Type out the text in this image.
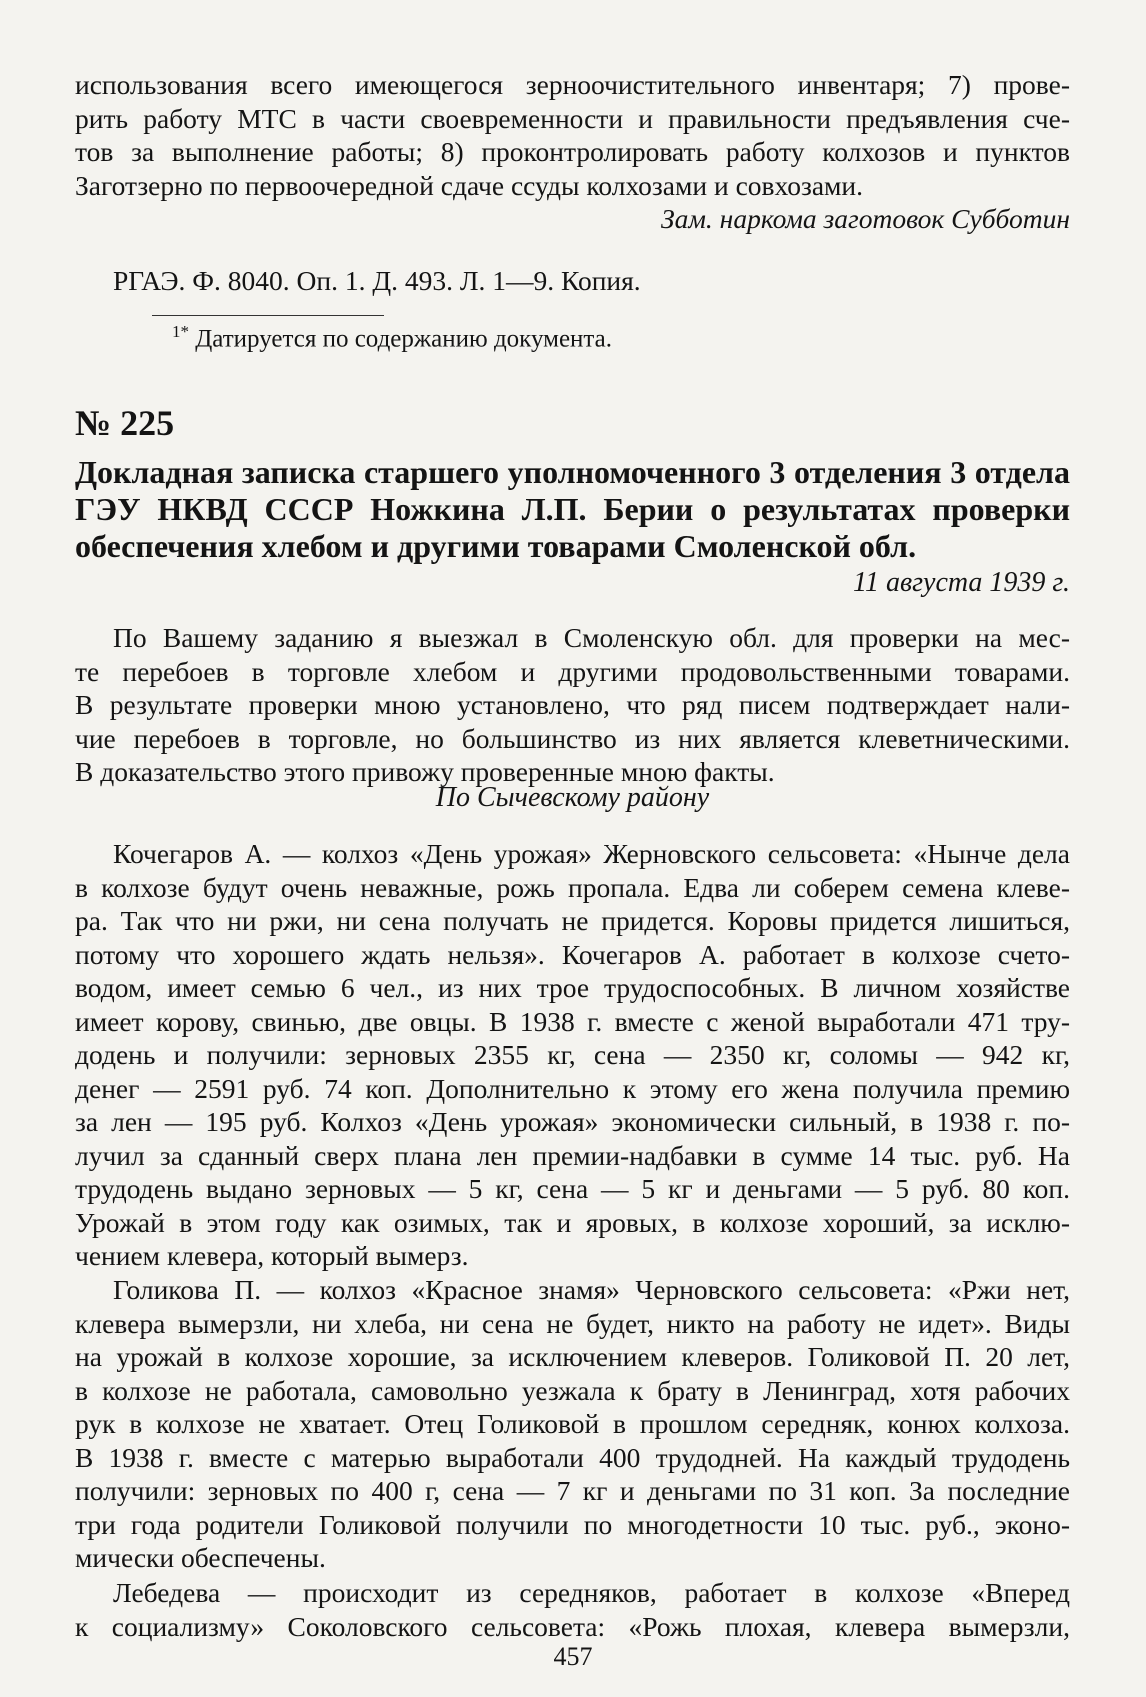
использования всего имеющегося зерноочистительного инвентаря; 7) прове-
рить работу МТС в части своевременности и правильности предъявления сче-
тов за выполнение работы; 8) проконтролировать работу колхозов и пунктов
Заготзерно по первоочередной сдаче ссуды колхозами и совхозами.
Зам. наркома заготовок Субботин
РГАЭ. Ф. 8040. Оп. 1. Д. 493. Л. 1—9. Копия.
$^{1*}$ Датируется по содержанию документа.
№ 225
Докладная записка старшего уполномоченного 3 отделения 3 отдела
ГЭУ НКВД СССР Ножкина Л.П. Берии о результатах проверки
обеспечения хлебом и другими товарами Смоленской обл.
11 августа 1939 г.
По Вашему заданию я выезжал в Смоленскую обл. для проверки на мес-
те перебоев в торговле хлебом и другими продовольственными товарами.
В результате проверки мною установлено, что ряд писем подтверждает нали-
чие перебоев в торговле, но большинство из них является клеветническими.
В доказательство этого привожу проверенные мною факты.
По Сычевскому району
Кочегаров А. — колхоз «День урожая» Жерновского сельсовета: «Нынче дела
в колхозе будут очень неважные, рожь пропала. Едва ли соберем семена клеве-
ра. Так что ни ржи, ни сена получать не придется. Коровы придется лишиться,
потому что хорошего ждать нельзя». Кочегаров А. работает в колхозе счето-
водом, имеет семью 6 чел., из них трое трудоспособных. В личном хозяйстве
имеет корову, свинью, две овцы. В 1938 г. вместе с женой выработали 471 тру-
додень и получили: зерновых 2355 кг, сена — 2350 кг, соломы — 942 кг,
денег — 2591 руб. 74 коп. Дополнительно к этому его жена получила премию
за лен — 195 руб. Колхоз «День урожая» экономически сильный, в 1938 г. по-
лучил за сданный сверх плана лен премии-надбавки в сумме 14 тыс. руб. На
трудодень выдано зерновых — 5 кг, сена — 5 кг и деньгами — 5 руб. 80 коп.
Урожай в этом году как озимых, так и яровых, в колхозе хороший, за исклю-
чением клевера, который вымерз.
Голикова П. — колхоз «Красное знамя» Черновского сельсовета: «Ржи нет,
клевера вымерзли, ни хлеба, ни сена не будет, никто на работу не идет». Виды
на урожай в колхозе хорошие, за исключением клеверов. Голиковой П. 20 лет,
в колхозе не работала, самовольно уезжала к брату в Ленинград, хотя рабочих
рук в колхозе не хватает. Отец Голиковой в прошлом середняк, конюх колхоза.
В 1938 г. вместе с матерью выработали 400 трудодней. На каждый трудодень
получили: зерновых по 400 г, сена — 7 кг и деньгами по 31 коп. За последние
три года родители Голиковой получили по многодетности 10 тыс. руб., эконо-
мически обеспечены.
Лебедева — происходит из середняков, работает в колхозе «Вперед
к социализму» Соколовского сельсовета: «Рожь плохая, клевера вымерзли,
457
